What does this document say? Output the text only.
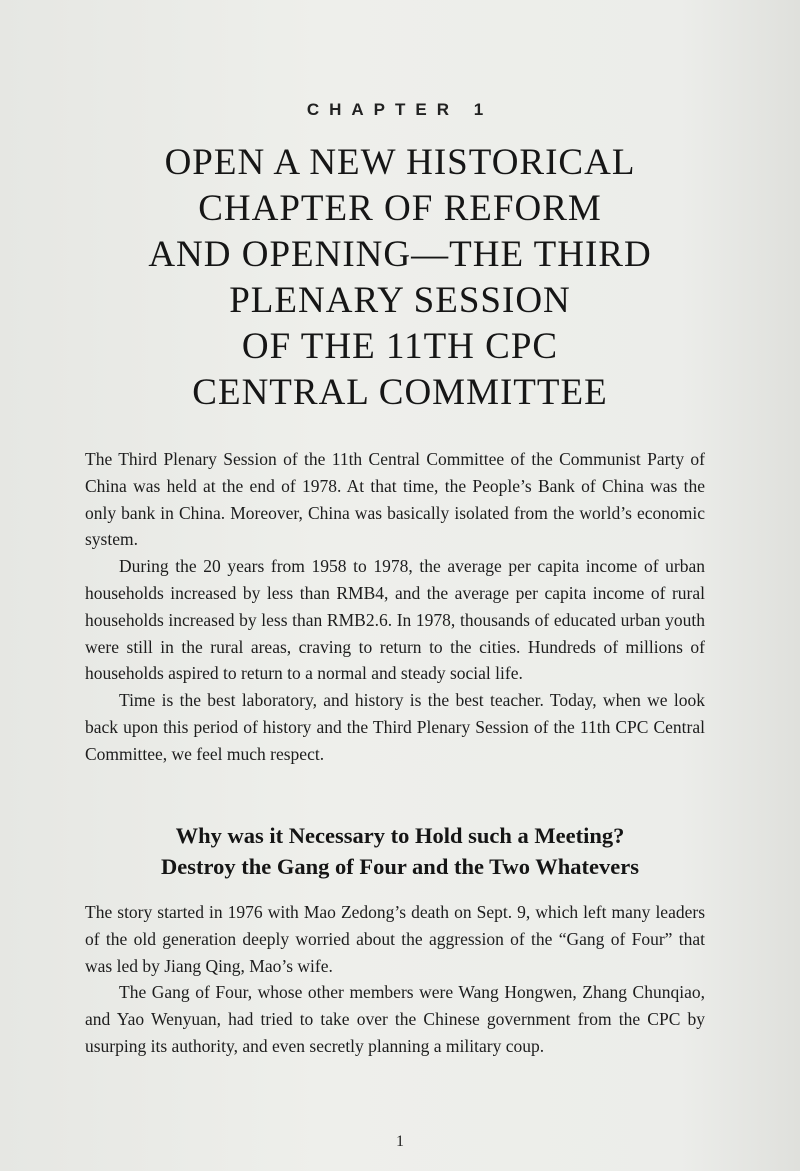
CHAPTER 1
OPEN A NEW HISTORICAL
CHAPTER OF REFORM
AND OPENING—THE THIRD
PLENARY SESSION
OF THE 11TH CPC
CENTRAL COMMITTEE

The Third Plenary Session of the 11th Central Committee of the Communist Party of China was held at the end of 1978. At that time, the People’s Bank of China was the only bank in China. Moreover, China was basically isolated from the world’s economic system.

During the 20 years from 1958 to 1978, the average per capita income of urban households increased by less than RMB4, and the average per capita income of rural households increased by less than RMB2.6. In 1978, thousands of educated urban youth were still in the rural areas, craving to return to the cities. Hundreds of millions of households aspired to return to a normal and steady social life.

Time is the best laboratory, and history is the best teacher. Today, when we look back upon this period of history and the Third Plenary Session of the 11th CPC Central Committee, we feel much respect.

Why was it Necessary to Hold such a Meeting?
Destroy the Gang of Four and the Two Whatevers

The story started in 1976 with Mao Zedong’s death on Sept. 9, which left many leaders of the old generation deeply worried about the aggression of the “Gang of Four” that was led by Jiang Qing, Mao’s wife.

The Gang of Four, whose other members were Wang Hongwen, Zhang Chunqiao, and Yao Wenyuan, had tried to take over the Chinese government from the CPC by usurping its authority, and even secretly planning a military coup.

1
